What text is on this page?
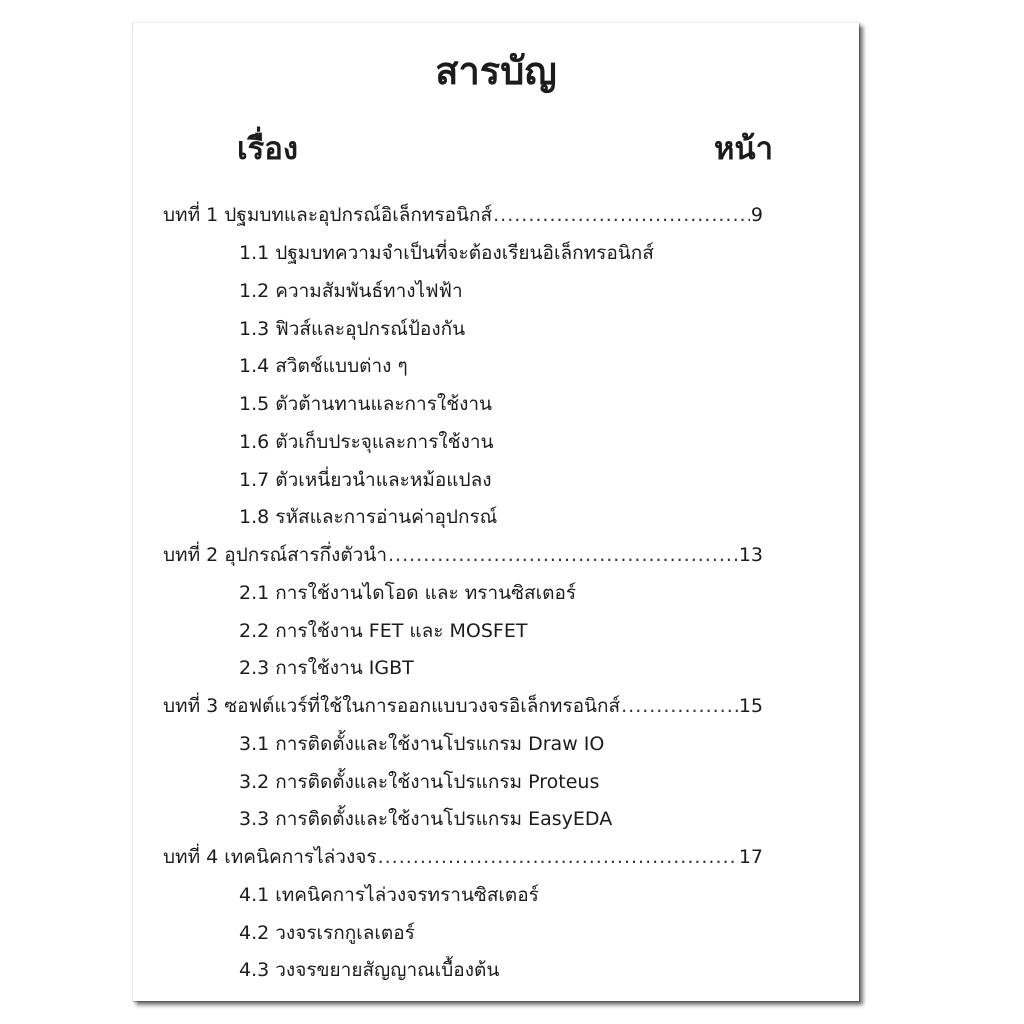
สารบัญ
เรื่อง	หน้า
บทที่ 1 ปฐมบทและอุปกรณ์อิเล็กทรอนิกส์ .....	9
1.1 ปฐมบทความจำเป็นที่จะต้องเรียนอิเล็กทรอนิกส์
1.2 ความสัมพันธ์ทางไฟฟ้า
1.3 ฟิวส์และอุปกรณ์ป้องกัน
1.4 สวิตช์แบบต่าง ๆ
1.5 ตัวต้านทานและการใช้งาน
1.6 ตัวเก็บประจุและการใช้งาน
1.7 ตัวเหนี่ยวนำและหม้อแปลง
1.8 รหัสและการอ่านค่าอุปกรณ์
บทที่ 2 อุปกรณ์สารกึ่งตัวนำ .....	13
2.1 การใช้งานไดโอด และ ทรานซิสเตอร์
2.2 การใช้งาน FET และ MOSFET
2.3 การใช้งาน IGBT
บทที่ 3 ซอฟต์แวร์ที่ใช้ในการออกแบบวงจรอิเล็กทรอนิกส์ .....	15
3.1 การติดตั้งและใช้งานโปรแกรม Draw IO
3.2 การติดตั้งและใช้งานโปรแกรม Proteus
3.3 การติดตั้งและใช้งานโปรแกรม EasyEDA
บทที่ 4 เทคนิคการไล่วงจร .....	17
4.1 เทคนิคการไล่วงจรทรานซิสเตอร์
4.2 วงจรเรกกูเลเตอร์
4.3 วงจรขยายสัญญาณเบื้องต้น
